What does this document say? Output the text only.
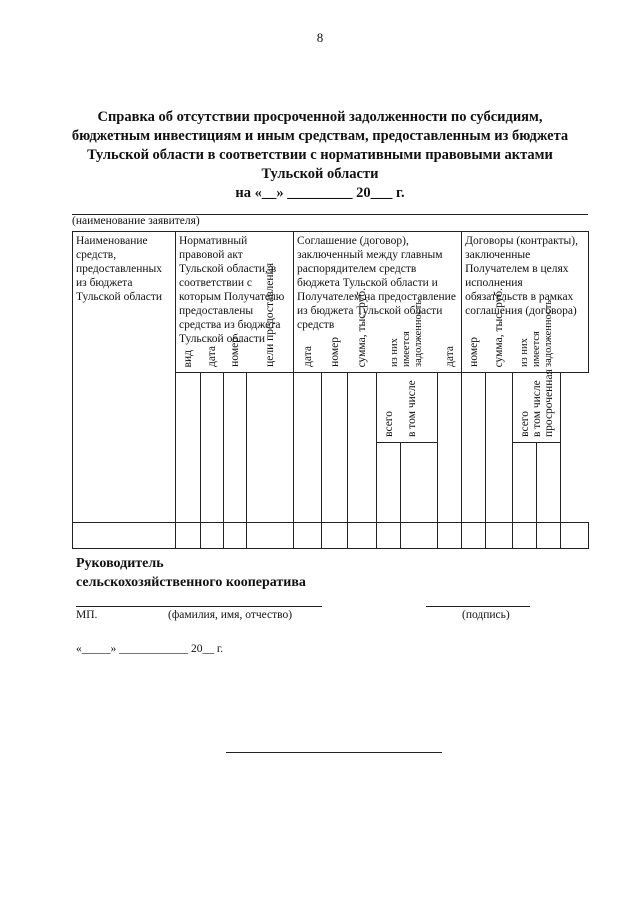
8
Справка об отсутствии просроченной задолженности по субсидиям,
бюджетным инвестициям и иным средствам, предоставленным из бюджета
Тульской области в соответствии с нормативными правовыми актами
Тульской области
на «__» _________ 20___ г.
(наименование заявителя)
Наименование средств, предоставленных из бюджета Тульской области	Нормативный правовой акт Тульской области, в соответствии с которым Получателю предоставлены средства из бюджета Тульской области				Соглашение (договор), заключенный между главным распорядителем средств бюджета Тульской области и Получателем на предоставление из бюджета Тульской области средств						Договоры (контракты), заключенные Получателем в целях исполнения обязательств в рамках соглашения (договора)				

	вид	дата	номер	цели предоставления	дата	номер	сумма, тыс. руб.	из них имеется задолженность		дата	номер	сумма, тыс. руб.	из них имеется задолженность		

								всего	в том числе				всего	в том числе просроченная	

Руководитель
сельскохозяйственного кооператива
МП.	(фамилия, имя, отчество)	(подпись)
«_____» ____________ 20__ г.
